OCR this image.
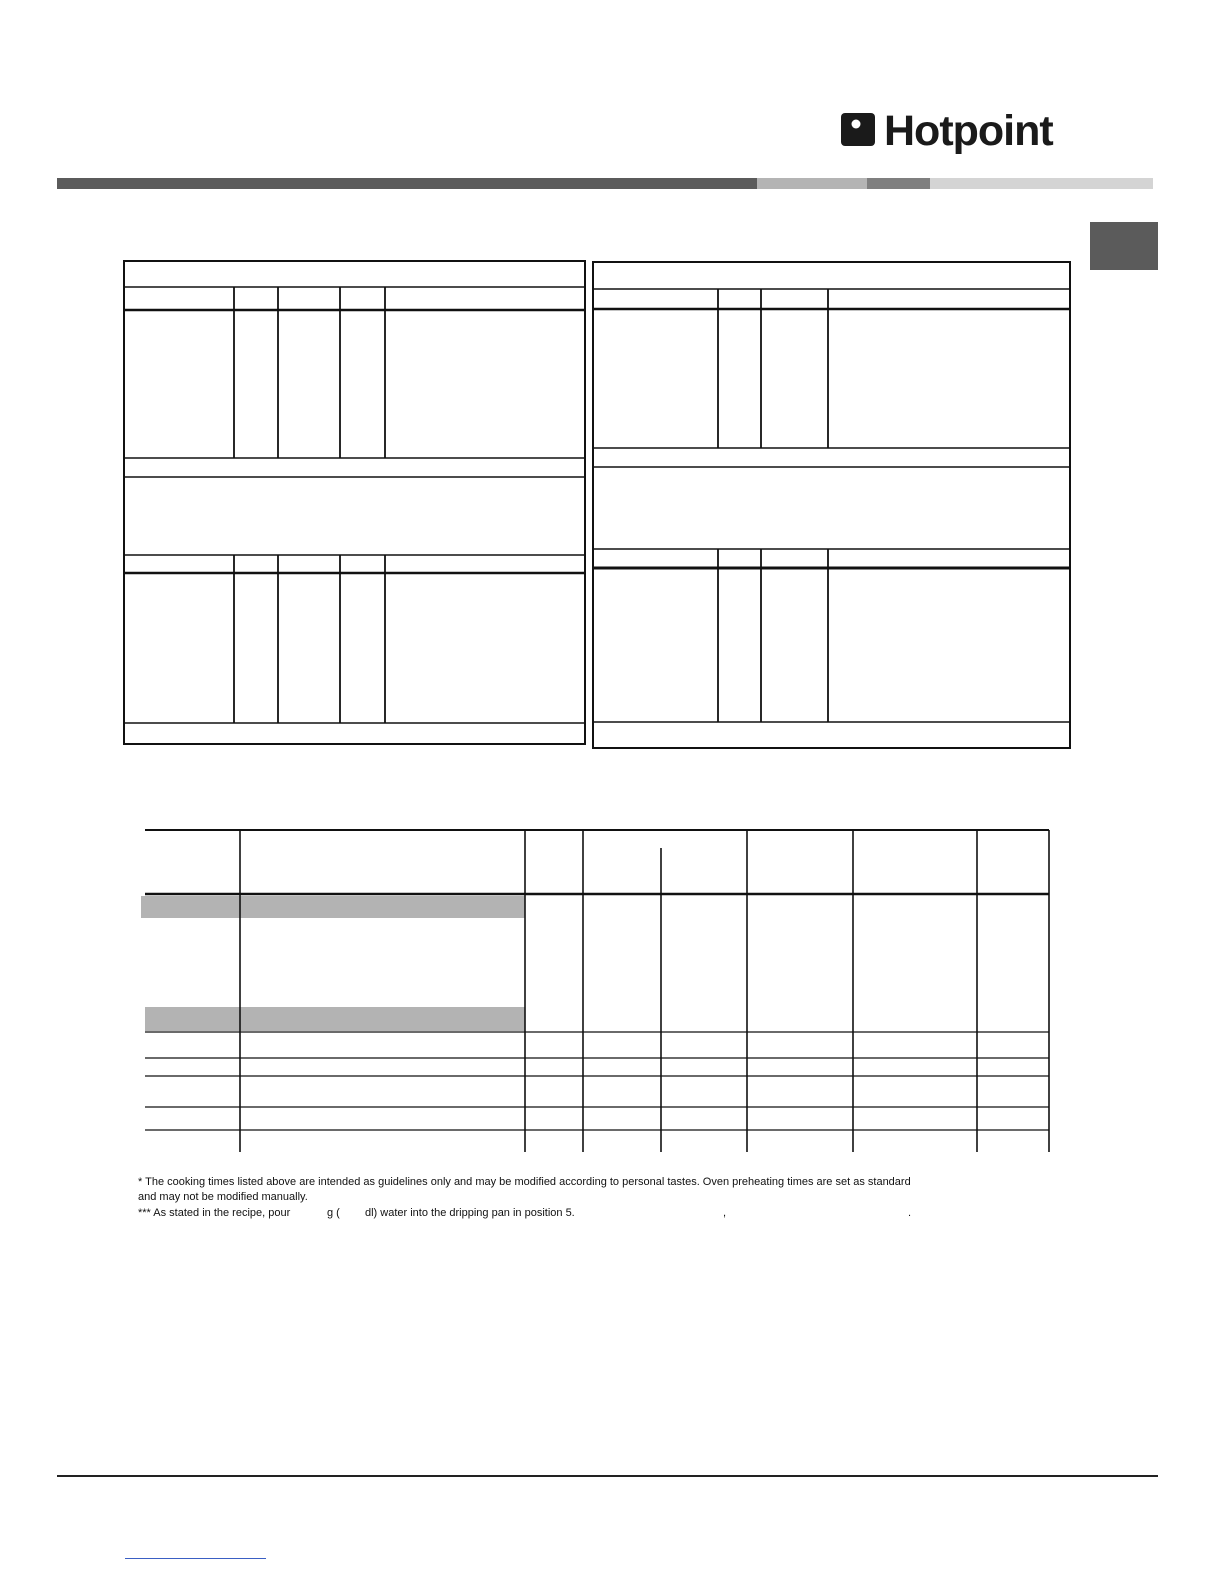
Hotpoint
* The cooking times listed above are intended as guidelines only and may be modified according to personal tastes. Oven preheating times are set as standard
and may not be modified manually.
*** As stated in the recipe, pour	g ( dl) water into the dripping pan in position 5.	,	.
